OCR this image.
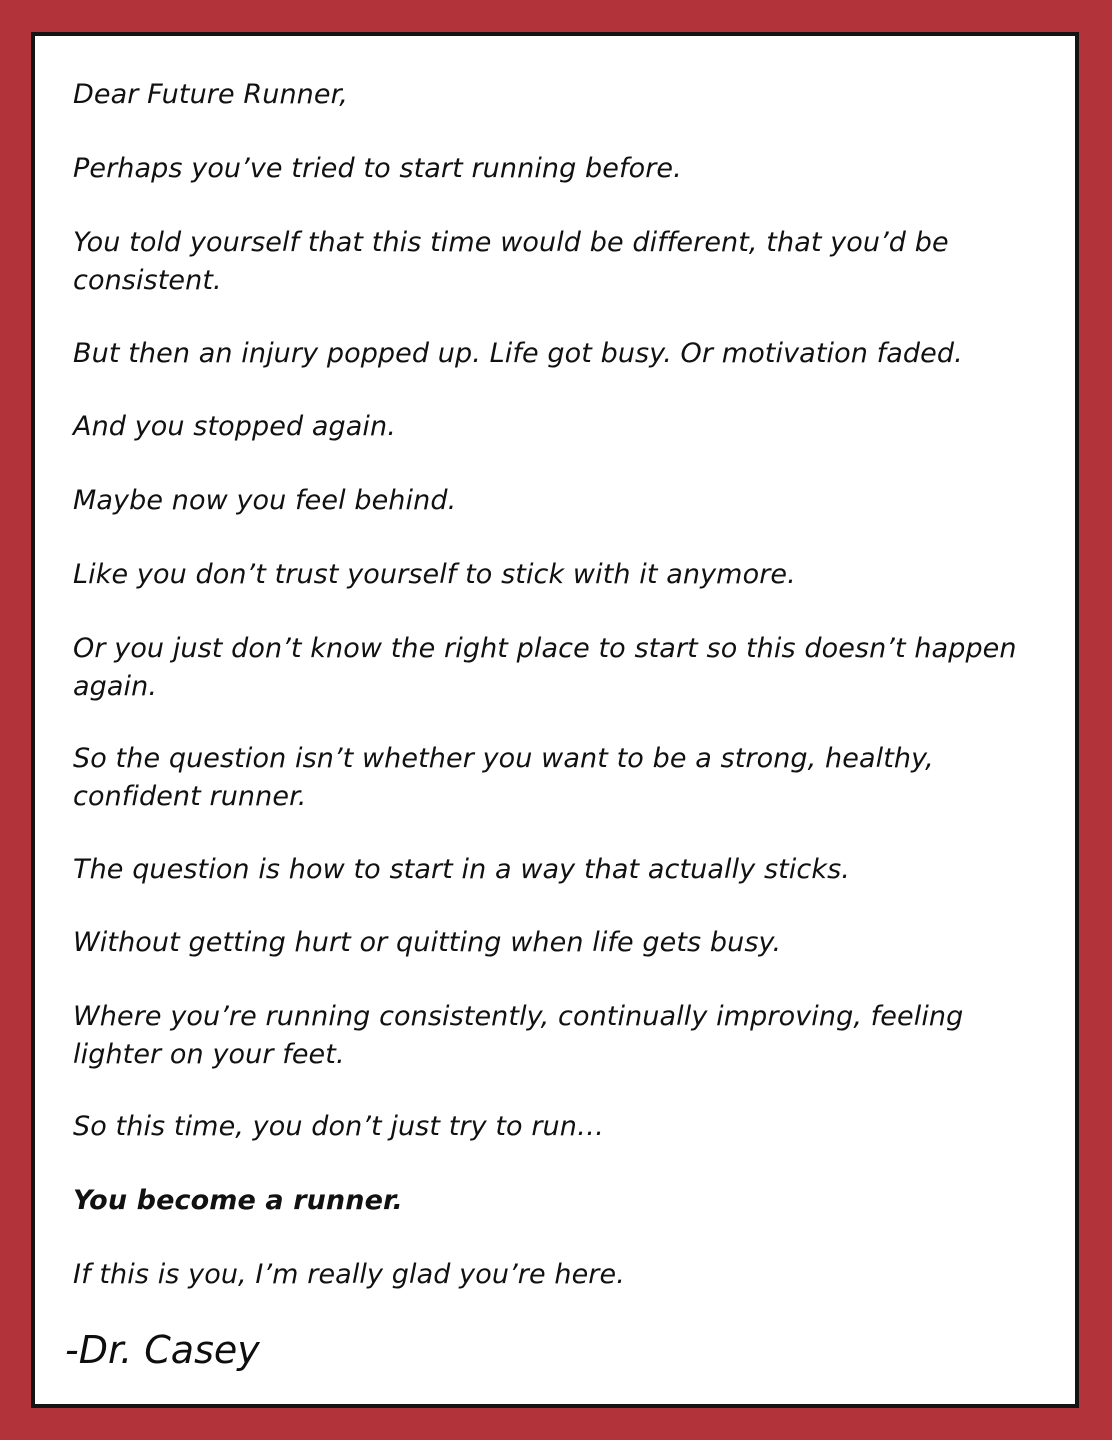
Dear Future Runner,

Perhaps you’ve tried to start running before.

You told yourself that this time would be different, that you’d be consistent.

But then an injury popped up. Life got busy. Or motivation faded.

And you stopped again.

Maybe now you feel behind.

Like you don’t trust yourself to stick with it anymore.

Or you just don’t know the right place to start so this doesn’t happen again.

So the question isn’t whether you want to be a strong, healthy, confident runner.

The question is how to start in a way that actually sticks.

Without getting hurt or quitting when life gets busy.

Where you’re running consistently, continually improving, feeling lighter on your feet.

So this time, you don’t just try to run…

You become a runner.

If this is you, I’m really glad you’re here.

-Dr. Casey
